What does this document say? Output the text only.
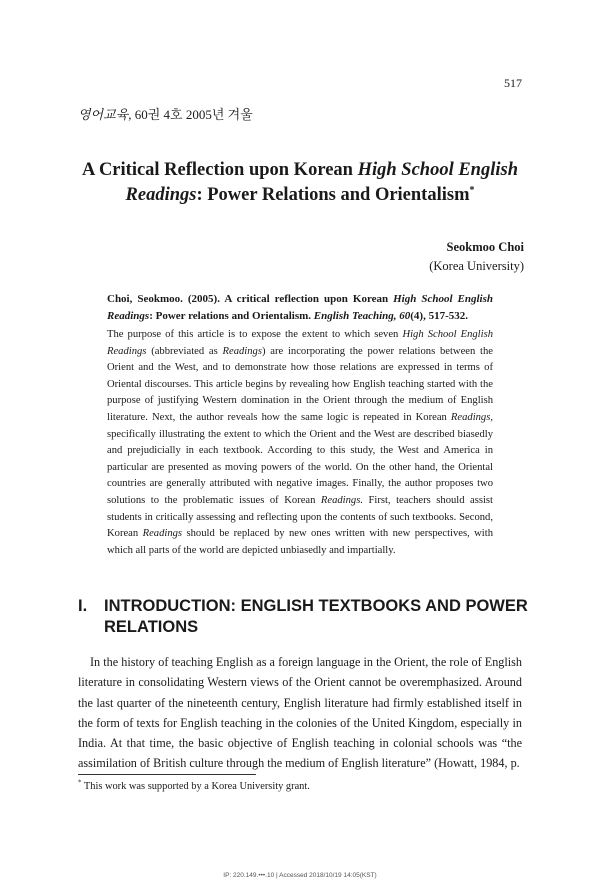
517
영어교육, 60권 4호 2005년 겨울
A Critical Reflection upon Korean High School English Readings: Power Relations and Orientalism*
Seokmoo Choi
(Korea University)
Choi, Seokmoo. (2005). A critical reflection upon Korean High School English Readings: Power relations and Orientalism. English Teaching, 60(4), 517-532.
The purpose of this article is to expose the extent to which seven High School English Readings (abbreviated as Readings) are incorporating the power relations between the Orient and the West, and to demonstrate how those relations are expressed in terms of Oriental discourses. This article begins by revealing how English teaching started with the purpose of justifying Western domination in the Orient through the medium of English literature. Next, the author reveals how the same logic is repeated in Korean Readings, specifically illustrating the extent to which the Orient and the West are described biasedly and prejudicially in each textbook. According to this study, the West and America in particular are presented as moving powers of the world. On the other hand, the Oriental countries are generally attributed with negative images. Finally, the author proposes two solutions to the problematic issues of Korean Readings. First, teachers should assist students in critically assessing and reflecting upon the contents of such textbooks. Second, Korean Readings should be replaced by new ones written with new perspectives, with which all parts of the world are depicted unbiasedly and impartially.
I.	INTRODUCTION: ENGLISH TEXTBOOKS AND POWER RELATIONS
In the history of teaching English as a foreign language in the Orient, the role of English literature in consolidating Western views of the Orient cannot be overemphasized. Around the last quarter of the nineteenth century, English literature had firmly established itself in the form of texts for English teaching in the colonies of the United Kingdom, especially in India. At that time, the basic objective of English teaching in colonial schools was “the assimilation of British culture through the medium of English literature” (Howatt, 1984, p.
* This work was supported by a Korea University grant.
IP: 220.149.•••.10 | Accessed 2018/10/19 14:05(KST)
